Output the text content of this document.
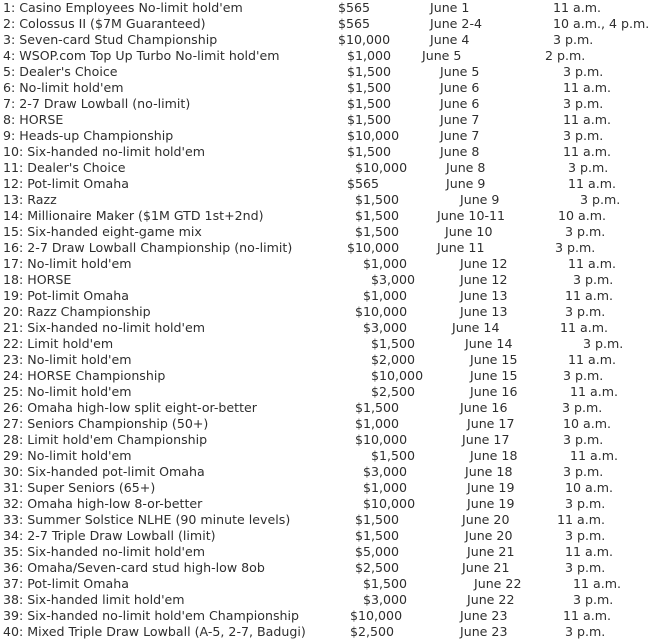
1: Casino Employees No-limit hold'em	$565	June 1	11 a.m.
2: Colossus II ($7M Guaranteed)	$565	June 2-4	10 a.m., 4 p.m.
3: Seven-card Stud Championship	$10,000	June 4	3 p.m.
4: WSOP.com Top Up Turbo No-limit hold'em	$1,000 June 5	2 p.m.
5: Dealer's Choice	$1,500	June 5	3 p.m.
6: No-limit hold'em	$1,500	June 6	11 a.m.
7: 2-7 Draw Lowball (no-limit)	$1,500	June 6	3 p.m.
8: HORSE	$1,500	June 7	11 a.m.
9: Heads-up Championship	$10,000	June 7	3 p.m.
10: Six-handed no-limit hold'em	$1,500	June 8	11 a.m.
11: Dealer's Choice	$10,000	June 8	3 p.m.
12: Pot-limit Omaha	$565	June 9	11 a.m.
13: Razz	$1,500	June 9	3 p.m.
14: Millionaire Maker ($1M GTD 1st+2nd)	$1,500	June 10-11	10 a.m.
15: Six-handed eight-game mix	$1,500	June 10	3 p.m.
16: 2-7 Draw Lowball Championship (no-limit)	$10,000	June 11	3 p.m.
17: No-limit hold'em	$1,000	June 12	11 a.m.
18: HORSE	$3,000	June 12	3 p.m.
19: Pot-limit Omaha	$1,000	June 13	11 a.m.
20: Razz Championship	$10,000	June 13	3 p.m.
21: Six-handed no-limit hold'em	$3,000	June 14	11 a.m.
22: Limit hold'em	$1,500	June 14	3 p.m.
23: No-limit hold'em	$2,000	June 15	11 a.m.
24: HORSE Championship	$10,000	June 15	3 p.m.
25: No-limit hold'em	$2,500	June 16	11 a.m.
26: Omaha high-low split eight-or-better	$1,500	June 16	3 p.m.
27: Seniors Championship (50+)	$1,000	June 17	10 a.m.
28: Limit hold'em Championship	$10,000	June 17	3 p.m.
29: No-limit hold'em	$1,500	June 18	11 a.m.
30: Six-handed pot-limit Omaha	$3,000	June 18	3 p.m.
31: Super Seniors (65+)	$1,000	June 19	10 a.m.
32: Omaha high-low 8-or-better	$10,000	June 19	3 p.m.
33: Summer Solstice NLHE (90 minute levels)	$1,500	June 20	11 a.m.
34: 2-7 Triple Draw Lowball (limit)	$1,500	June 20	3 p.m.
35: Six-handed no-limit hold'em	$5,000	June 21	11 a.m.
36: Omaha/Seven-card stud high-low 8ob	$2,500	June 21	3 p.m.
37: Pot-limit Omaha	$1,500	June 22	11 a.m.
38: Six-handed limit hold'em	$3,000	June 22	3 p.m.
39: Six-handed no-limit hold'em Championship	$10,000	June 23	11 a.m.
40: Mixed Triple Draw Lowball (A-5, 2-7, Badugi)	$2,500	June 23	3 p.m.
